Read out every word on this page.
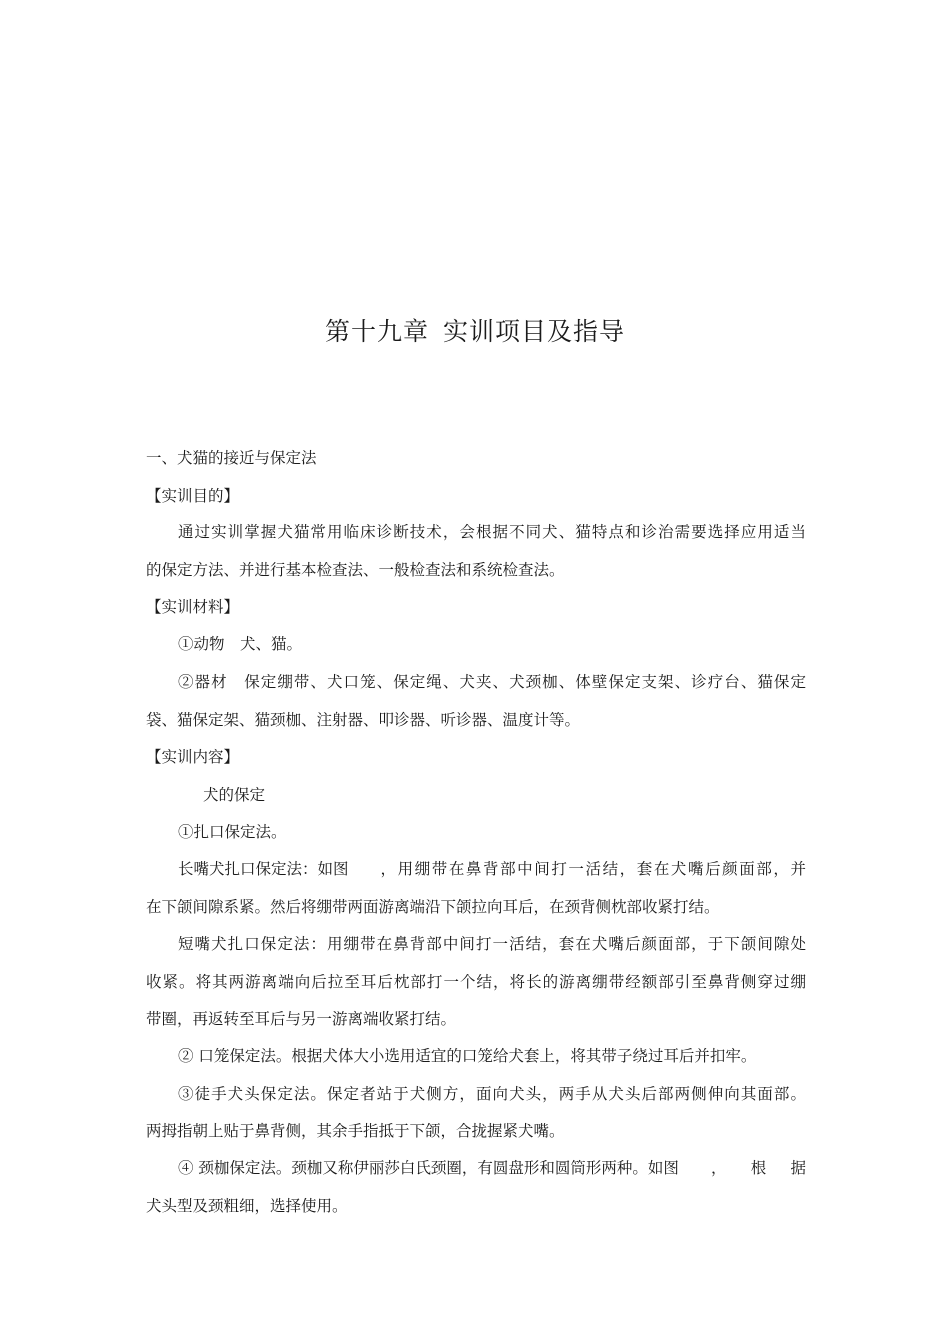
第十九章 实训项目及指导
一、犬猫的接近与保定法
【实训目的】
通过实训掌握犬猫常用临床诊断技术，会根据不同犬、猫特点和诊治需要选择应用适当
的保定方法、并进行基本检查法、一般检查法和系统检查法。
【实训材料】
①动物　犬、猫。
②器材　保定绷带、犬口笼、保定绳、犬夹、犬颈枷、体壁保定支架、诊疗台、猫保定
袋、猫保定架、猫颈枷、注射器、叩诊器、听诊器、温度计等。
【实训内容】
犬的保定
①扎口保定法。
长嘴犬扎口保定法：如图 ，用绷带在鼻背部中间打一活结，套在犬嘴后颜面部，并
在下颌间隙系紧。然后将绷带两面游离端沿下颌拉向耳后，在颈背侧枕部收紧打结。
短嘴犬扎口保定法：用绷带在鼻背部中间打一活结，套在犬嘴后颜面部，于下颌间隙处
收紧。将其两游离端向后拉至耳后枕部打一个结，将长的游离绷带经额部引至鼻背侧穿过绷
带圈，再返转至耳后与另一游离端收紧打结。
② 口笼保定法。根据犬体大小选用适宜的口笼给犬套上，将其带子绕过耳后并扣牢。
③徒手犬头保定法。保定者站于犬侧方，面向犬头，两手从犬头后部两侧伸向其面部。
两拇指朝上贴于鼻背侧，其余手指抵于下颌，合拢握紧犬嘴。
④ 颈枷保定法。颈枷又称伊丽莎白氏颈圈，有圆盘形和圆筒形两种。如图 ，根据
犬头型及颈粗细，选择使用。
